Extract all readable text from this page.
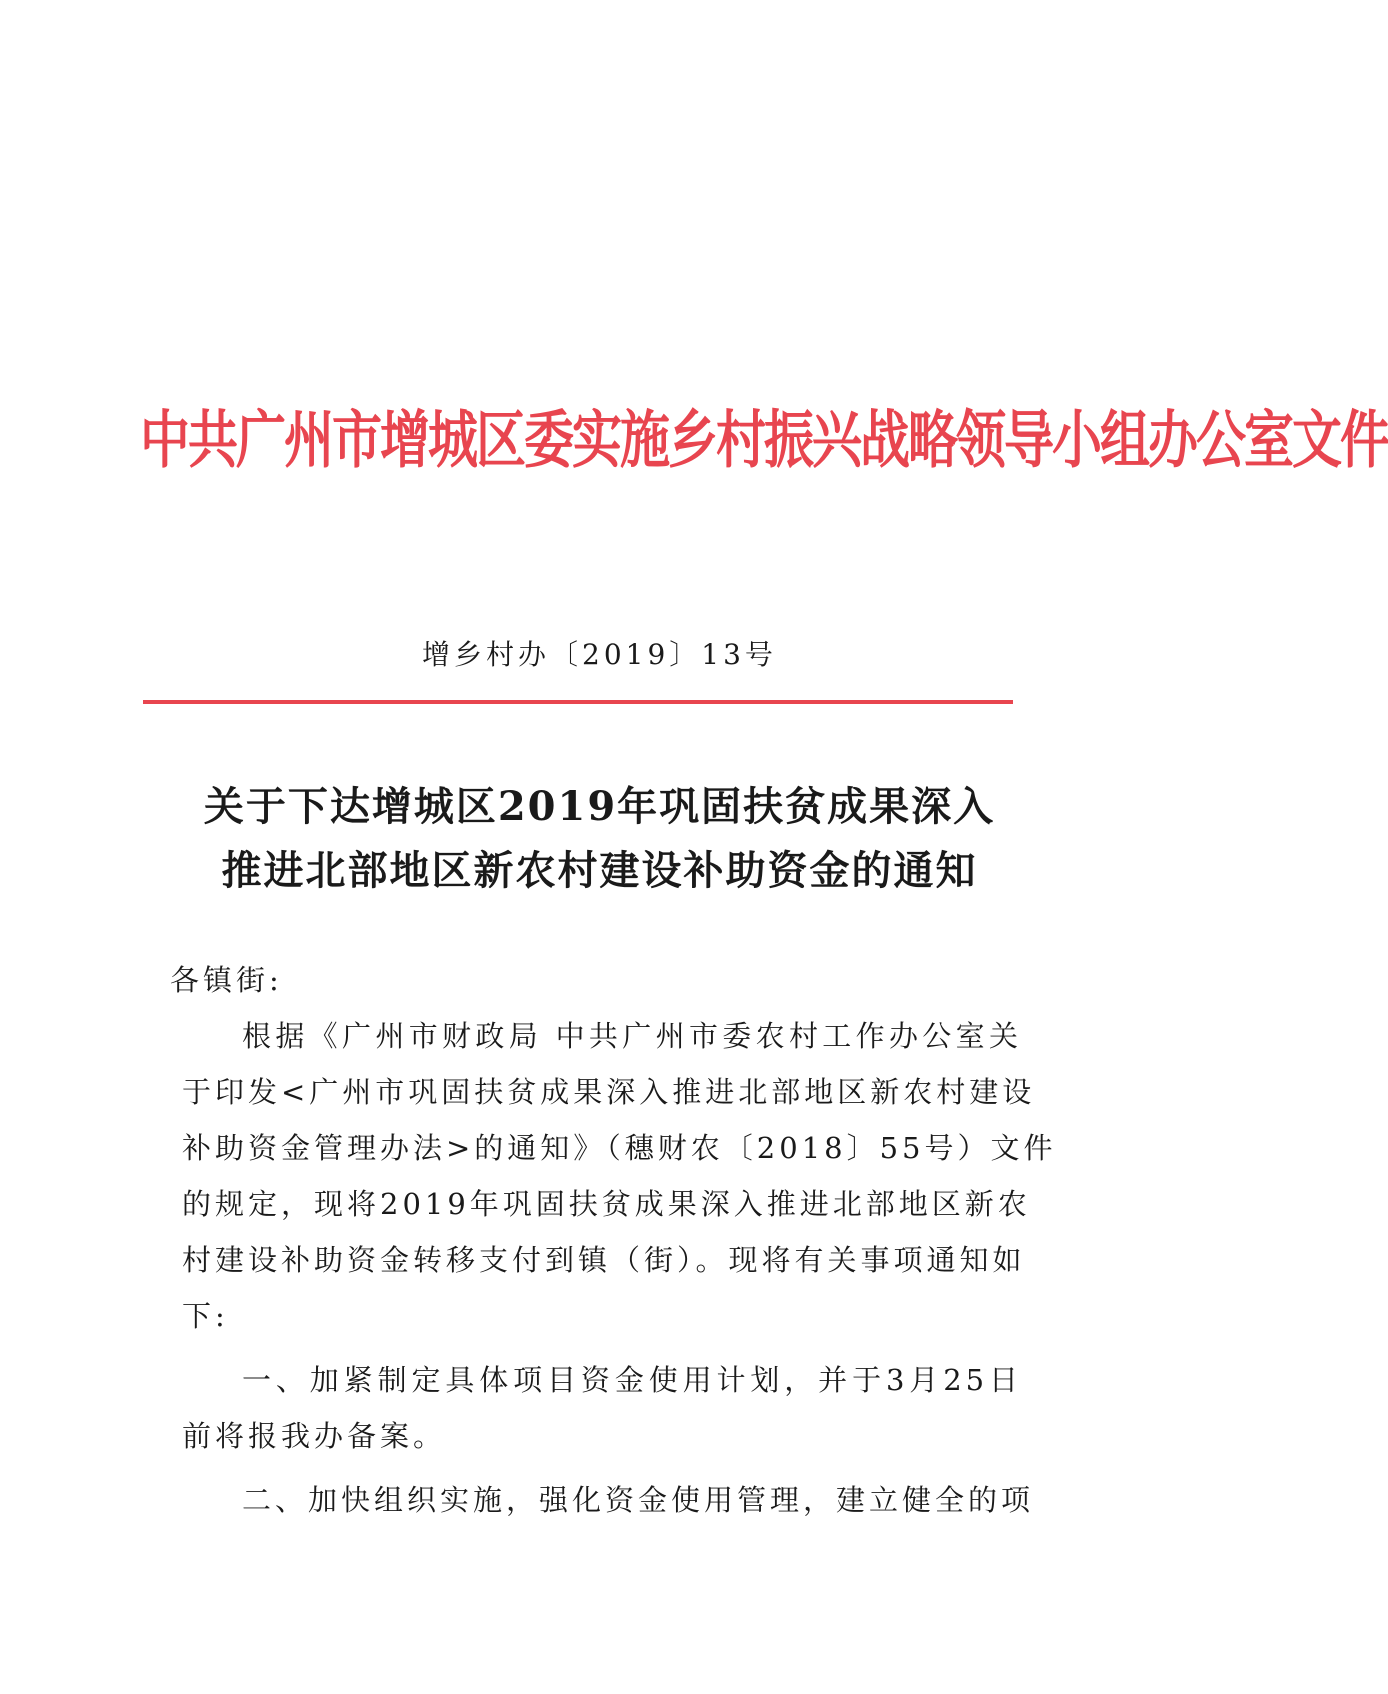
中共广州市增城区委实施乡村振兴战略领导小组办公室文件
增乡村办〔2019〕13号
关于下达增城区2019年巩固扶贫成果深入
推进北部地区新农村建设补助资金的通知
各镇街:
根据《广州市财政局 中共广州市委农村工作办公室关
于印发<广州市巩固扶贫成果深入推进北部地区新农村建设
补助资金管理办法>的通知》（穗财农〔2018〕55号）文件
的规定，现将2019年巩固扶贫成果深入推进北部地区新农
村建设补助资金转移支付到镇（街）。现将有关事项通知如
下:
一、加紧制定具体项目资金使用计划，并于3月25日
前将报我办备案。
二、加快组织实施，强化资金使用管理，建立健全的项
